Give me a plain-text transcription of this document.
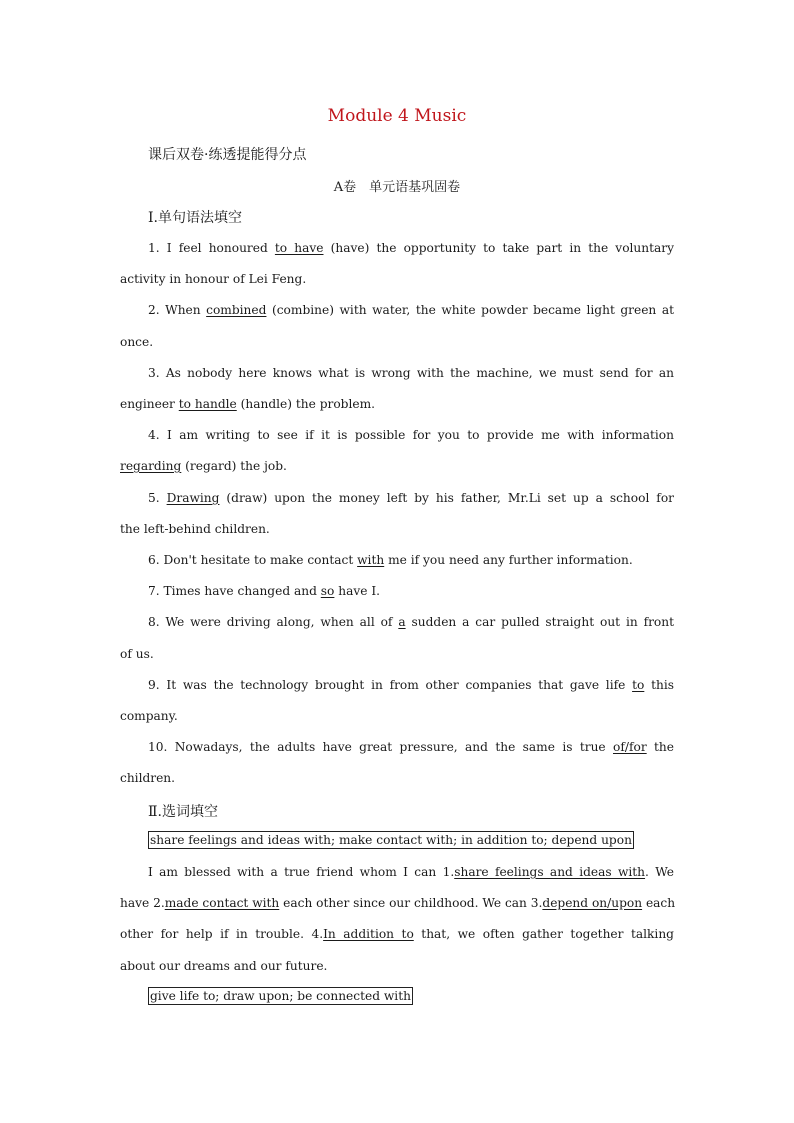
Module 4 Music
课后双卷·练透提能得分点
A卷　单元语基巩固卷
Ⅰ.单句语法填空
1. I feel honoured to have (have) the opportunity to take part in the voluntary
activity in honour of Lei Feng.
2. When combined (combine) with water, the white powder became light green at
once.
3. As nobody here knows what is wrong with the machine, we must send for an
engineer to handle (handle) the problem.
4. I am writing to see if it is possible for you to provide me with information
regarding (regard) the job.
5. Drawing (draw) upon the money left by his father, Mr.Li set up a school for
the left-behind children.
6. Don't hesitate to make contact with me if you need any further information.
7. Times have changed and so have I.
8. We were driving along, when all of a sudden a car pulled straight out in front
of us.
9. It was the technology brought in from other companies that gave life to this
company.
10. Nowadays, the adults have great pressure, and the same is true of/for the
children.
Ⅱ.选词填空
share feelings and ideas with; make contact with; in addition to; depend upon
I am blessed with a true friend whom I can 1.share feelings and ideas with. We
have 2.made contact with each other since our childhood. We can 3.depend on/upon each
other for help if in trouble. 4.In addition to that, we often gather together talking
about our dreams and our future.
give life to; draw upon; be connected with
